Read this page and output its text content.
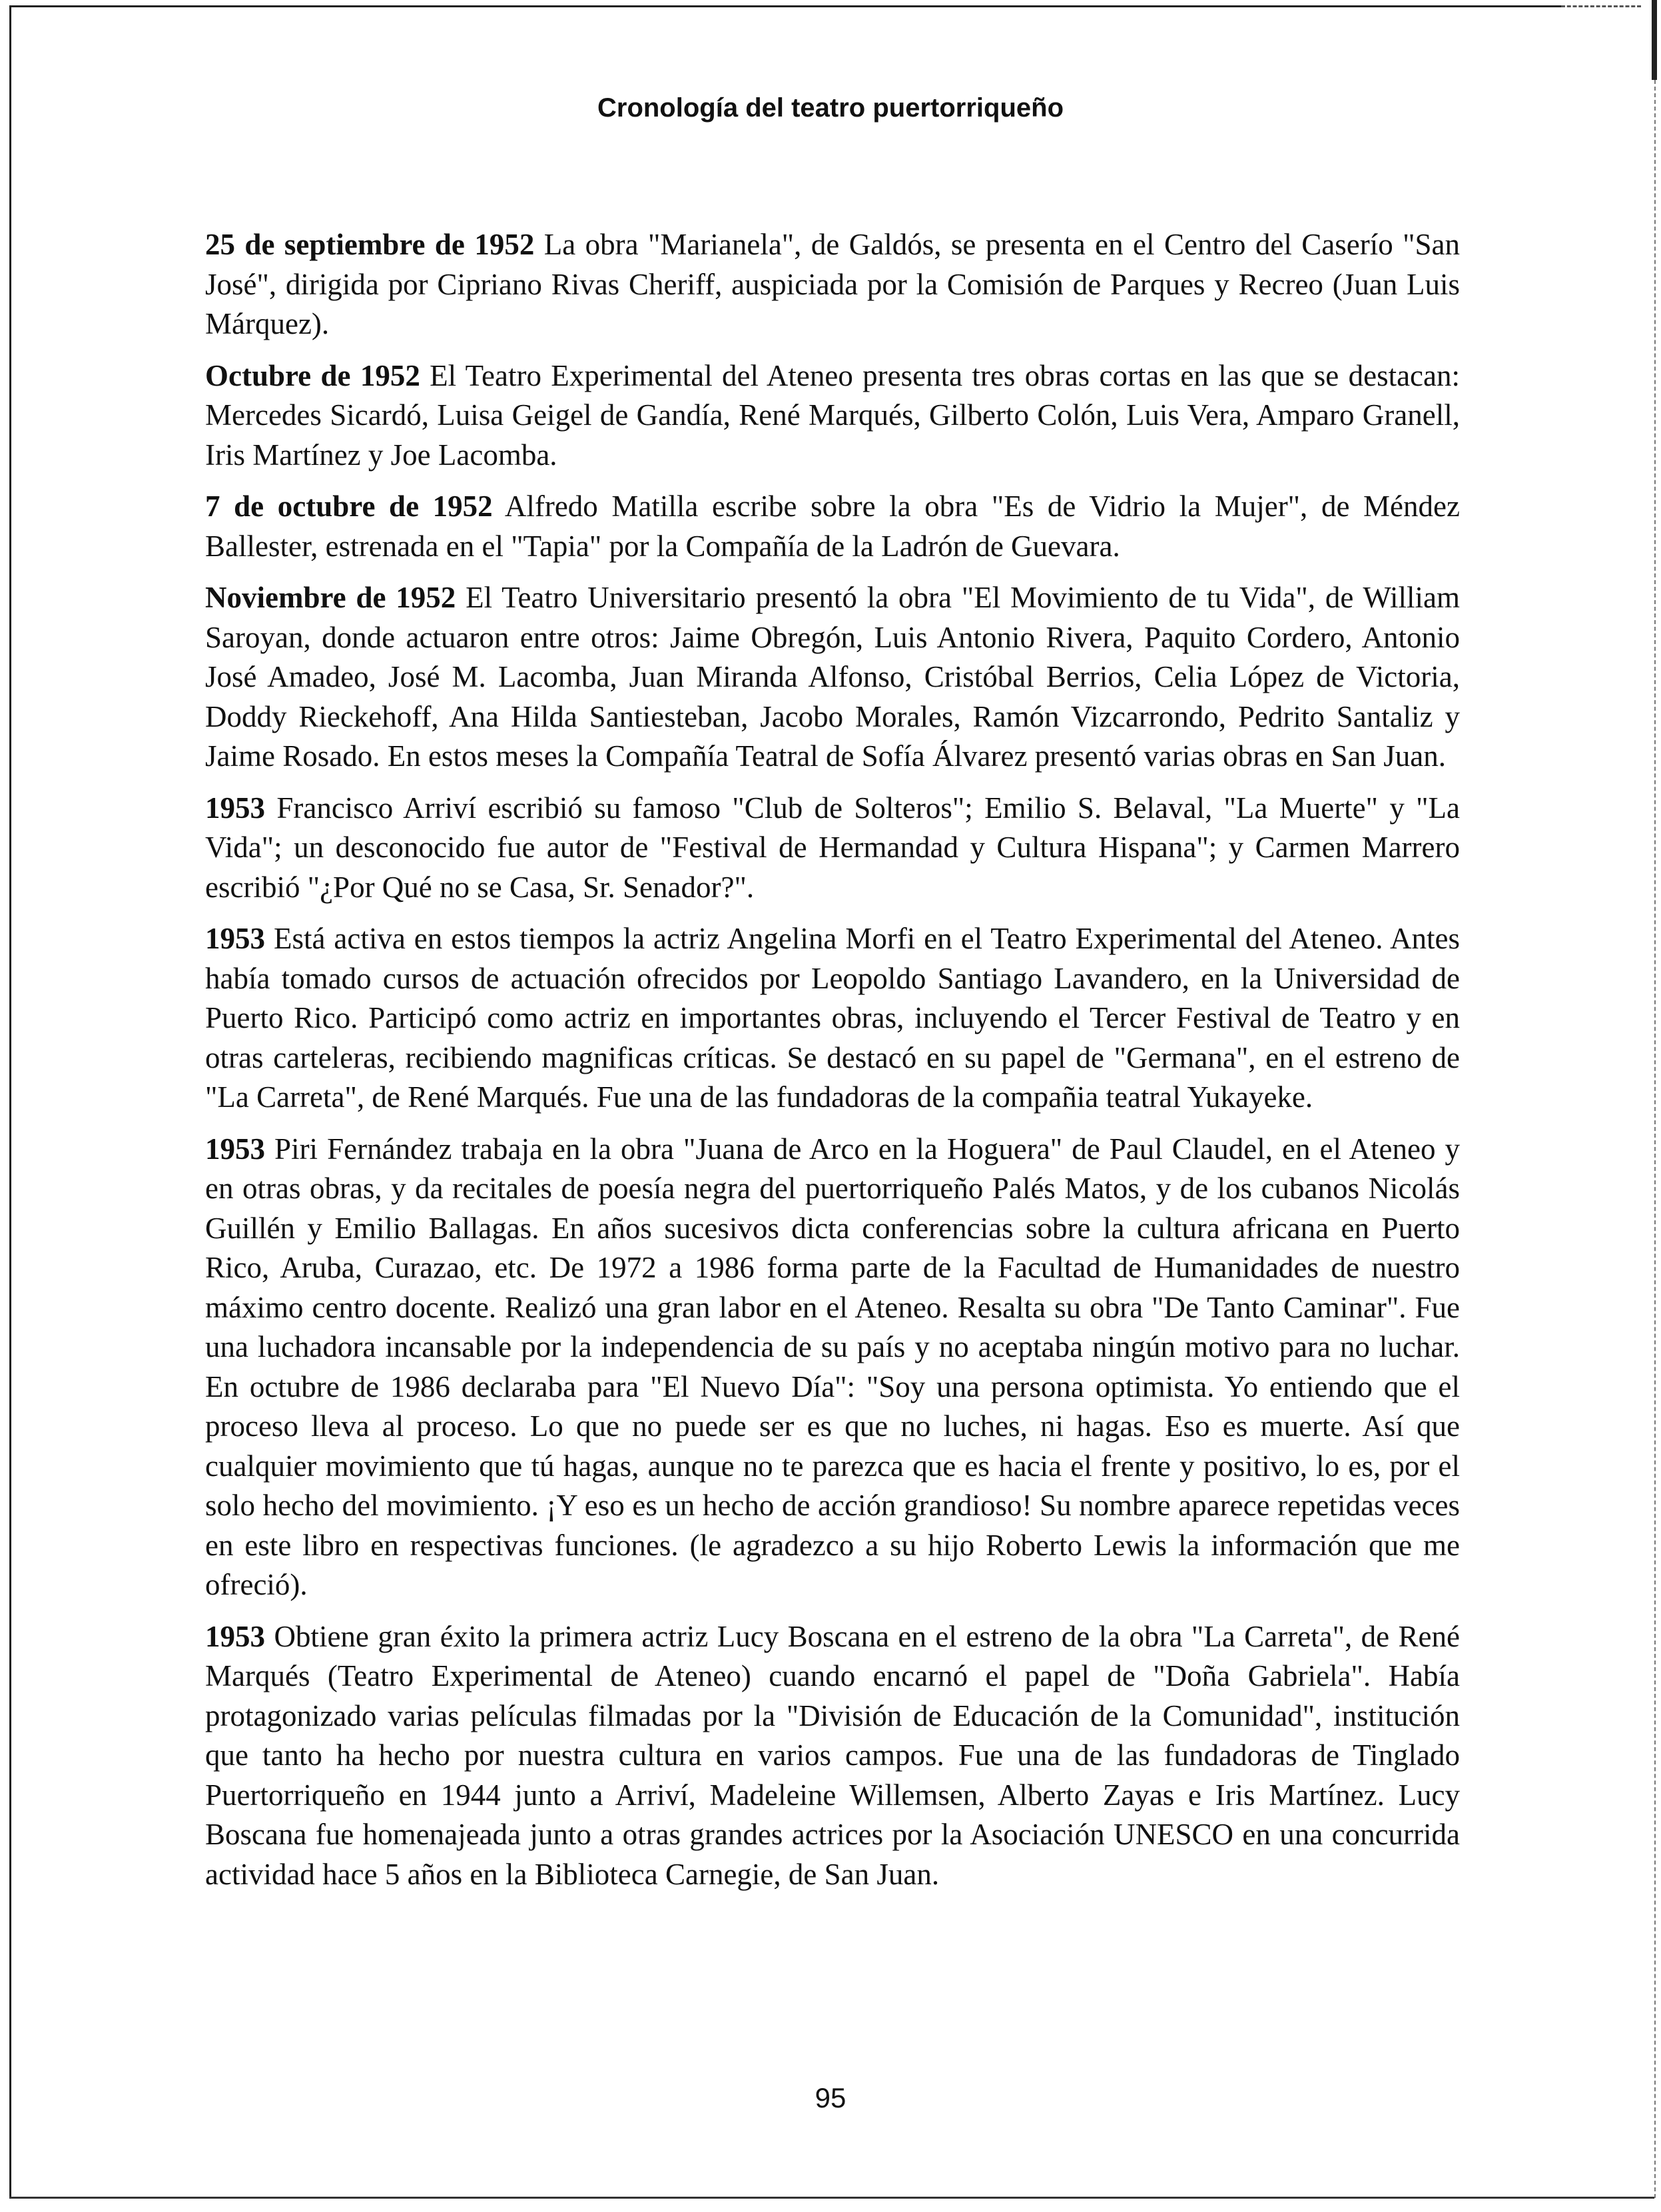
Cronología del teatro puertorriqueño

25 de septiembre de 1952 La obra "Marianela", de Galdós, se presenta en el Centro del Caserío "San José", dirigida por Cipriano Rivas Cheriff, auspiciada por la Comisión de Parques y Recreo (Juan Luis Márquez).

Octubre de 1952 El Teatro Experimental del Ateneo presenta tres obras cortas en las que se destacan: Mercedes Sicardó, Luisa Geigel de Gandía, René Marqués, Gilberto Colón, Luis Vera, Amparo Granell, Iris Martínez y Joe Lacomba.

7 de octubre de 1952 Alfredo Matilla escribe sobre la obra "Es de Vidrio la Mujer", de Méndez Ballester, estrenada en el "Tapia" por la Compañía de la Ladrón de Guevara.

Noviembre de 1952 El Teatro Universitario presentó la obra "El Movimiento de tu Vida", de William Saroyan, donde actuaron entre otros: Jaime Obregón, Luis Antonio Rivera, Paquito Cordero, Antonio José Amadeo, José M. Lacomba, Juan Miranda Alfonso, Cristóbal Berrios, Celia López de Victoria, Doddy Rieckehoff, Ana Hilda Santiesteban, Jacobo Morales, Ramón Vizcarrondo, Pedrito Santaliz y Jaime Rosado. En estos meses la Compañía Teatral de Sofía Álvarez presentó varias obras en San Juan.

1953 Francisco Arriví escribió su famoso "Club de Solteros"; Emilio S. Belaval, "La Muerte" y "La Vida"; un desconocido fue autor de "Festival de Hermandad y Cultura Hispana"; y Carmen Marrero escribió "¿Por Qué no se Casa, Sr. Senador?".

1953 Está activa en estos tiempos la actriz Angelina Morfi en el Teatro Experimental del Ateneo. Antes había tomado cursos de actuación ofrecidos por Leopoldo Santiago Lavandero, en la Universidad de Puerto Rico. Participó como actriz en importantes obras, incluyendo el Tercer Festival de Teatro y en otras carteleras, recibiendo magnificas críticas. Se destacó en su papel de "Germana", en el estreno de "La Carreta", de René Marqués. Fue una de las fundadoras de la compañia teatral Yukayeke.

1953 Piri Fernández trabaja en la obra "Juana de Arco en la Hoguera" de Paul Claudel, en el Ateneo y en otras obras, y da recitales de poesía negra del puertorriqueño Palés Matos, y de los cubanos Nicolás Guillén y Emilio Ballagas. En años sucesivos dicta conferencias sobre la cultura africana en Puerto Rico, Aruba, Curazao, etc. De 1972 a 1986 forma parte de la Facultad de Humanidades de nuestro máximo centro docente. Realizó una gran labor en el Ateneo. Resalta su obra "De Tanto Caminar". Fue una luchadora incansable por la independencia de su país y no aceptaba ningún motivo para no luchar. En octubre de 1986 declaraba para "El Nuevo Día": "Soy una persona optimista. Yo entiendo que el proceso lleva al proceso. Lo que no puede ser es que no luches, ni hagas. Eso es muerte. Así que cualquier movimiento que tú hagas, aunque no te parezca que es hacia el frente y positivo, lo es, por el solo hecho del movimiento. ¡Y eso es un hecho de acción grandioso! Su nombre aparece repetidas veces en este libro en respectivas funciones. (le agradezco a su hijo Roberto Lewis la información que me ofreció).

1953 Obtiene gran éxito la primera actriz Lucy Boscana en el estreno de la obra "La Carreta", de René Marqués (Teatro Experimental de Ateneo) cuando encarnó el papel de "Doña Gabriela". Había protagonizado varias películas filmadas por la "División de Educación de la Comunidad", institución que tanto ha hecho por nuestra cultura en varios campos. Fue una de las fundadoras de Tinglado Puertorriqueño en 1944 junto a Arriví, Madeleine Willemsen, Alberto Zayas e Iris Martínez. Lucy Boscana fue homenajeada junto a otras grandes actrices por la Asociación UNESCO en una concurrida actividad hace 5 años en la Biblioteca Carnegie, de San Juan.

95
